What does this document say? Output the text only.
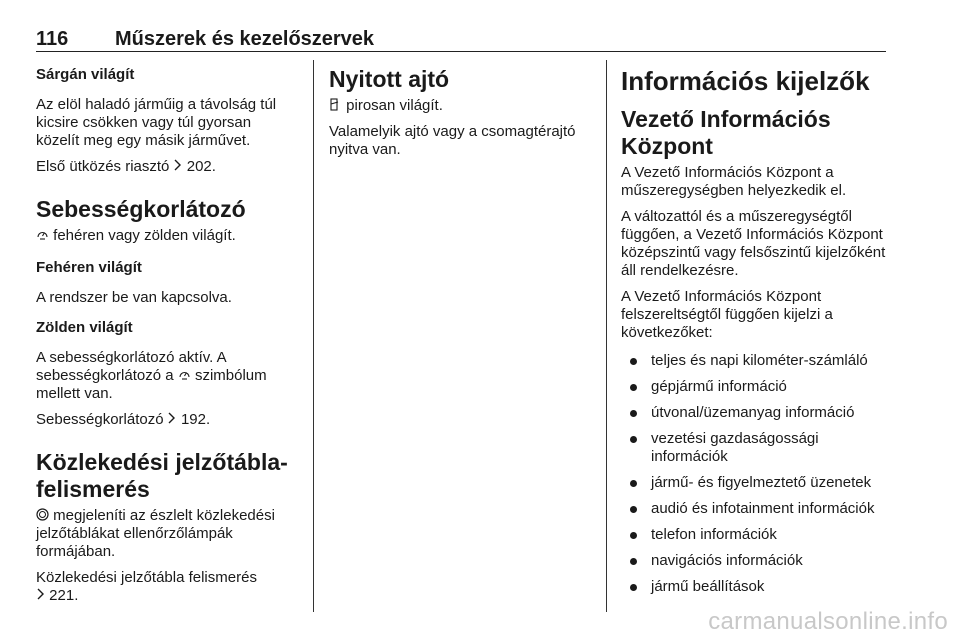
116 Műszerek és kezelőszervek
Sárgán világít
Az elöl haladó járműig a távolság túl kicsire csökken vagy túl gyorsan közelít meg egy másik járművet.
Első ütközés riasztó 202.
Sebességkorlátozó
fehéren vagy zölden világít.
Fehéren világít
A rendszer be van kapcsolva.
Zölden világít
A sebességkorlátozó aktív. A sebességkorlátozó a szimbólum mellett van.
Sebességkorlátozó 192.
Közlekedési jelzőtábla-felismerés
megjeleníti az észlelt közlekedési jelzőtáblákat ellenőrzőlámpák formájában.
Közlekedési jelzőtábla felismerés
221.
Nyitott ajtó
pirosan világít.
Valamelyik ajtó vagy a csomagtérajtó nyitva van.
Információs kijelzők
Vezető Információs Központ
A Vezető Információs Központ a műszeregységben helyezkedik el.
A változattól és a műszeregységtől függően, a Vezető Információs Központ középszintű vagy felsőszintű kijelzőként áll rendelkezésre.
A Vezető Információs Központ felszereltségtől függően kijelzi a következőket:
teljes és napi kilométer-számláló
gépjármű információ
útvonal/üzemanyag információ
vezetési gazdaságossági információk
jármű- és figyelmeztető üzenetek
audió és infotainment információk
telefon információk
navigációs információk
jármű beállítások
carmanualsonline.info
